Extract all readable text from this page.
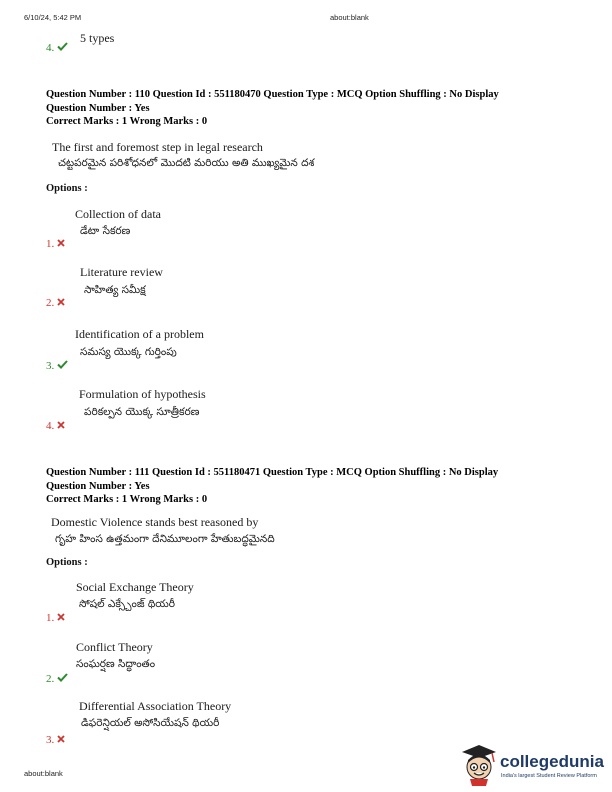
6/10/24, 5:42 PM	about:blank
4.
5 types
Question Number : 110 Question Id : 551180470 Question Type : MCQ Option Shuffling : No Display
Question Number : Yes
Correct Marks : 1 Wrong Marks : 0
The first and foremost step in legal research
చట్టపరమైన పరిశోధనలో మొదటి మరియు అతి ముఖ్యమైన దశ
Options :
Collection of data
డేటా సేకరణ
1.
Literature review
సాహిత్య సమీక్ష
2.
Identification of a problem
సమస్య యొక్క గుర్తింపు
3.
Formulation of hypothesis
పరికల్పన యొక్క సూత్రీకరణ
4.
Question Number : 111 Question Id : 551180471 Question Type : MCQ Option Shuffling : No Display
Question Number : Yes
Correct Marks : 1 Wrong Marks : 0
Domestic Violence stands best reasoned by
గృహ హింస ఉత్తమంగా దేనిమూలంగా హేతుబద్ధమైనది
Options :
Social Exchange Theory
సోషల్ ఎక్స్చేంజ్ థియరీ
1.
Conflict Theory
సంఘర్షణ సిద్ధాంతం
2.
Differential Association Theory
డిఫరెన్షియల్ అసోసియేషన్ థియరీ
3.
about:blank
collegedunia
India's largest Student Review Platform
